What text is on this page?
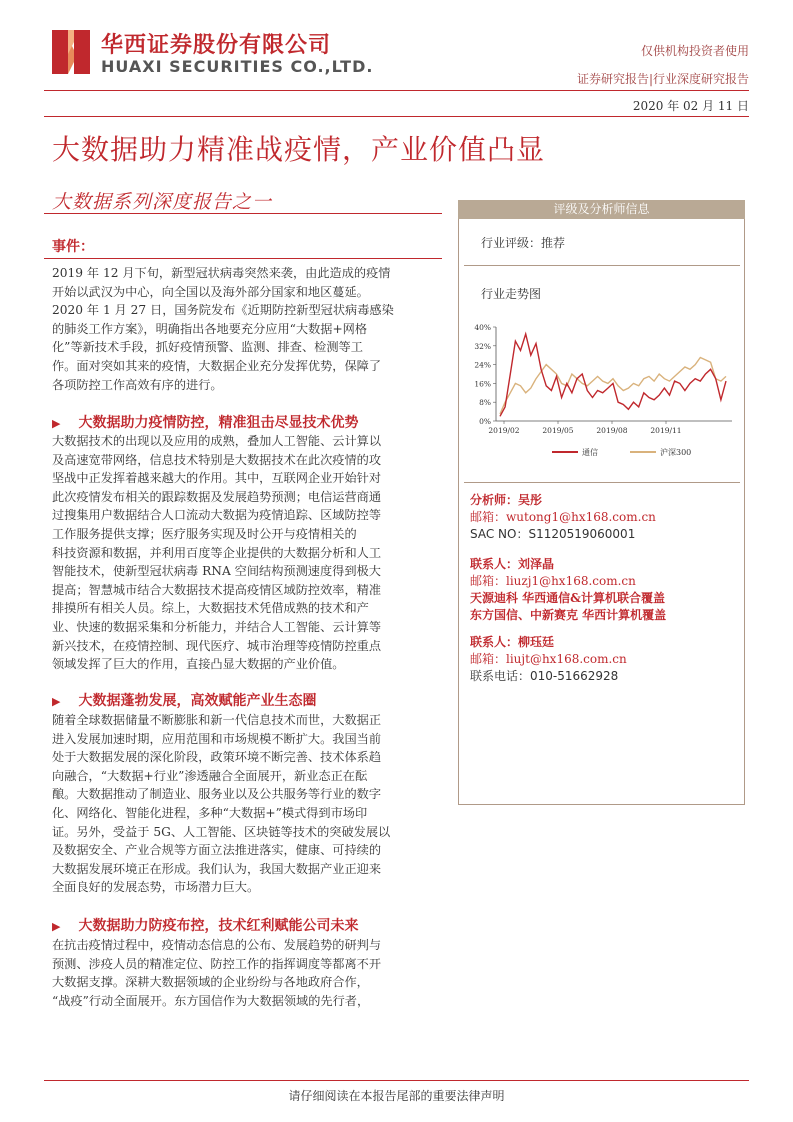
华西证券股份有限公司
HUAXI SECURITIES CO.,LTD.
仅供机构投资者使用
证券研究报告|行业深度研究报告
2020 年 02 月 11 日
大数据助力精准战疫情，产业价值凸显
大数据系列深度报告之一
事件：
2019 年 12 月下旬，新型冠状病毒突然来袭，由此造成的疫情
开始以武汉为中心，向全国以及海外部分国家和地区蔓延。
2020 年 1 月 27 日，国务院发布《近期防控新型冠状病毒感染
的肺炎工作方案》，明确指出各地要充分应用“大数据+网格
化”等新技术手段，抓好疫情预警、监测、排查、检测等工
作。面对突如其来的疫情，大数据企业充分发挥优势，保障了
各项防控工作高效有序的进行。
▶ 大数据助力疫情防控，精准狙击尽显技术优势
大数据技术的出现以及应用的成熟，叠加人工智能、云计算以
及高速宽带网络，信息技术特别是大数据技术在此次疫情的攻
坚战中正发挥着越来越大的作用。其中，互联网企业开始针对
此次疫情发布相关的跟踪数据及发展趋势预测；电信运营商通
过搜集用户数据结合人口流动大数据为疫情追踪、区域防控等
工作服务提供支撑；医疗服务实现及时公开与疫情相关的
科技资源和数据，并利用百度等企业提供的大数据分析和人工
智能技术，使新型冠状病毒 RNA 空间结构预测速度得到极大
提高；智慧城市结合大数据技术提高疫情区域防控效率，精准
排摸所有相关人员。综上，大数据技术凭借成熟的技术和产
业、快速的数据采集和分析能力，并结合人工智能、云计算等
新兴技术，在疫情控制、现代医疗、城市治理等疫情防控重点
领域发挥了巨大的作用，直接凸显大数据的产业价值。
▶ 大数据蓬勃发展，高效赋能产业生态圈
随着全球数据储量不断膨胀和新一代信息技术而世，大数据正
进入发展加速时期，应用范围和市场规模不断扩大。我国当前
处于大数据发展的深化阶段，政策环境不断完善、技术体系趋
向融合，“大数据+行业”渗透融合全面展开，新业态正在酝
酿。大数据推动了制造业、服务业以及公共服务等行业的数字
化、网络化、智能化进程，多种“大数据+”模式得到市场印
证。另外，受益于 5G、人工智能、区块链等技术的突破发展以
及数据安全、产业合规等方面立法推进落实，健康、可持续的
大数据发展环境正在形成。我们认为，我国大数据产业正迎来
全面良好的发展态势，市场潜力巨大。
▶ 大数据助力防疫布控，技术红利赋能公司未来
在抗击疫情过程中，疫情动态信息的公布、发展趋势的研判与
预测、涉疫人员的精准定位、防控工作的指挥调度等都离不开
大数据支撑。深耕大数据领域的企业纷纷与各地政府合作，
“战疫”行动全面展开。东方国信作为大数据领域的先行者，
评级及分析师信息
行业评级：推荐
行业走势图
0%
8%
16%
24%
32%
40%
2019/02	2019/05	2019/08	2019/11
通信	沪深300
分析师：吴彤
邮箱：wutong1@hx168.com.cn
SAC NO：S1120519060001
联系人：刘泽晶
邮箱：liuzj1@hx168.com.cn
天源迪科 华西通信&计算机联合覆盖
东方国信、中新赛克 华西计算机覆盖
联系人：柳珏廷
邮箱：liujt@hx168.com.cn
联系电话：010-51662928
请仔细阅读在本报告尾部的重要法律声明
